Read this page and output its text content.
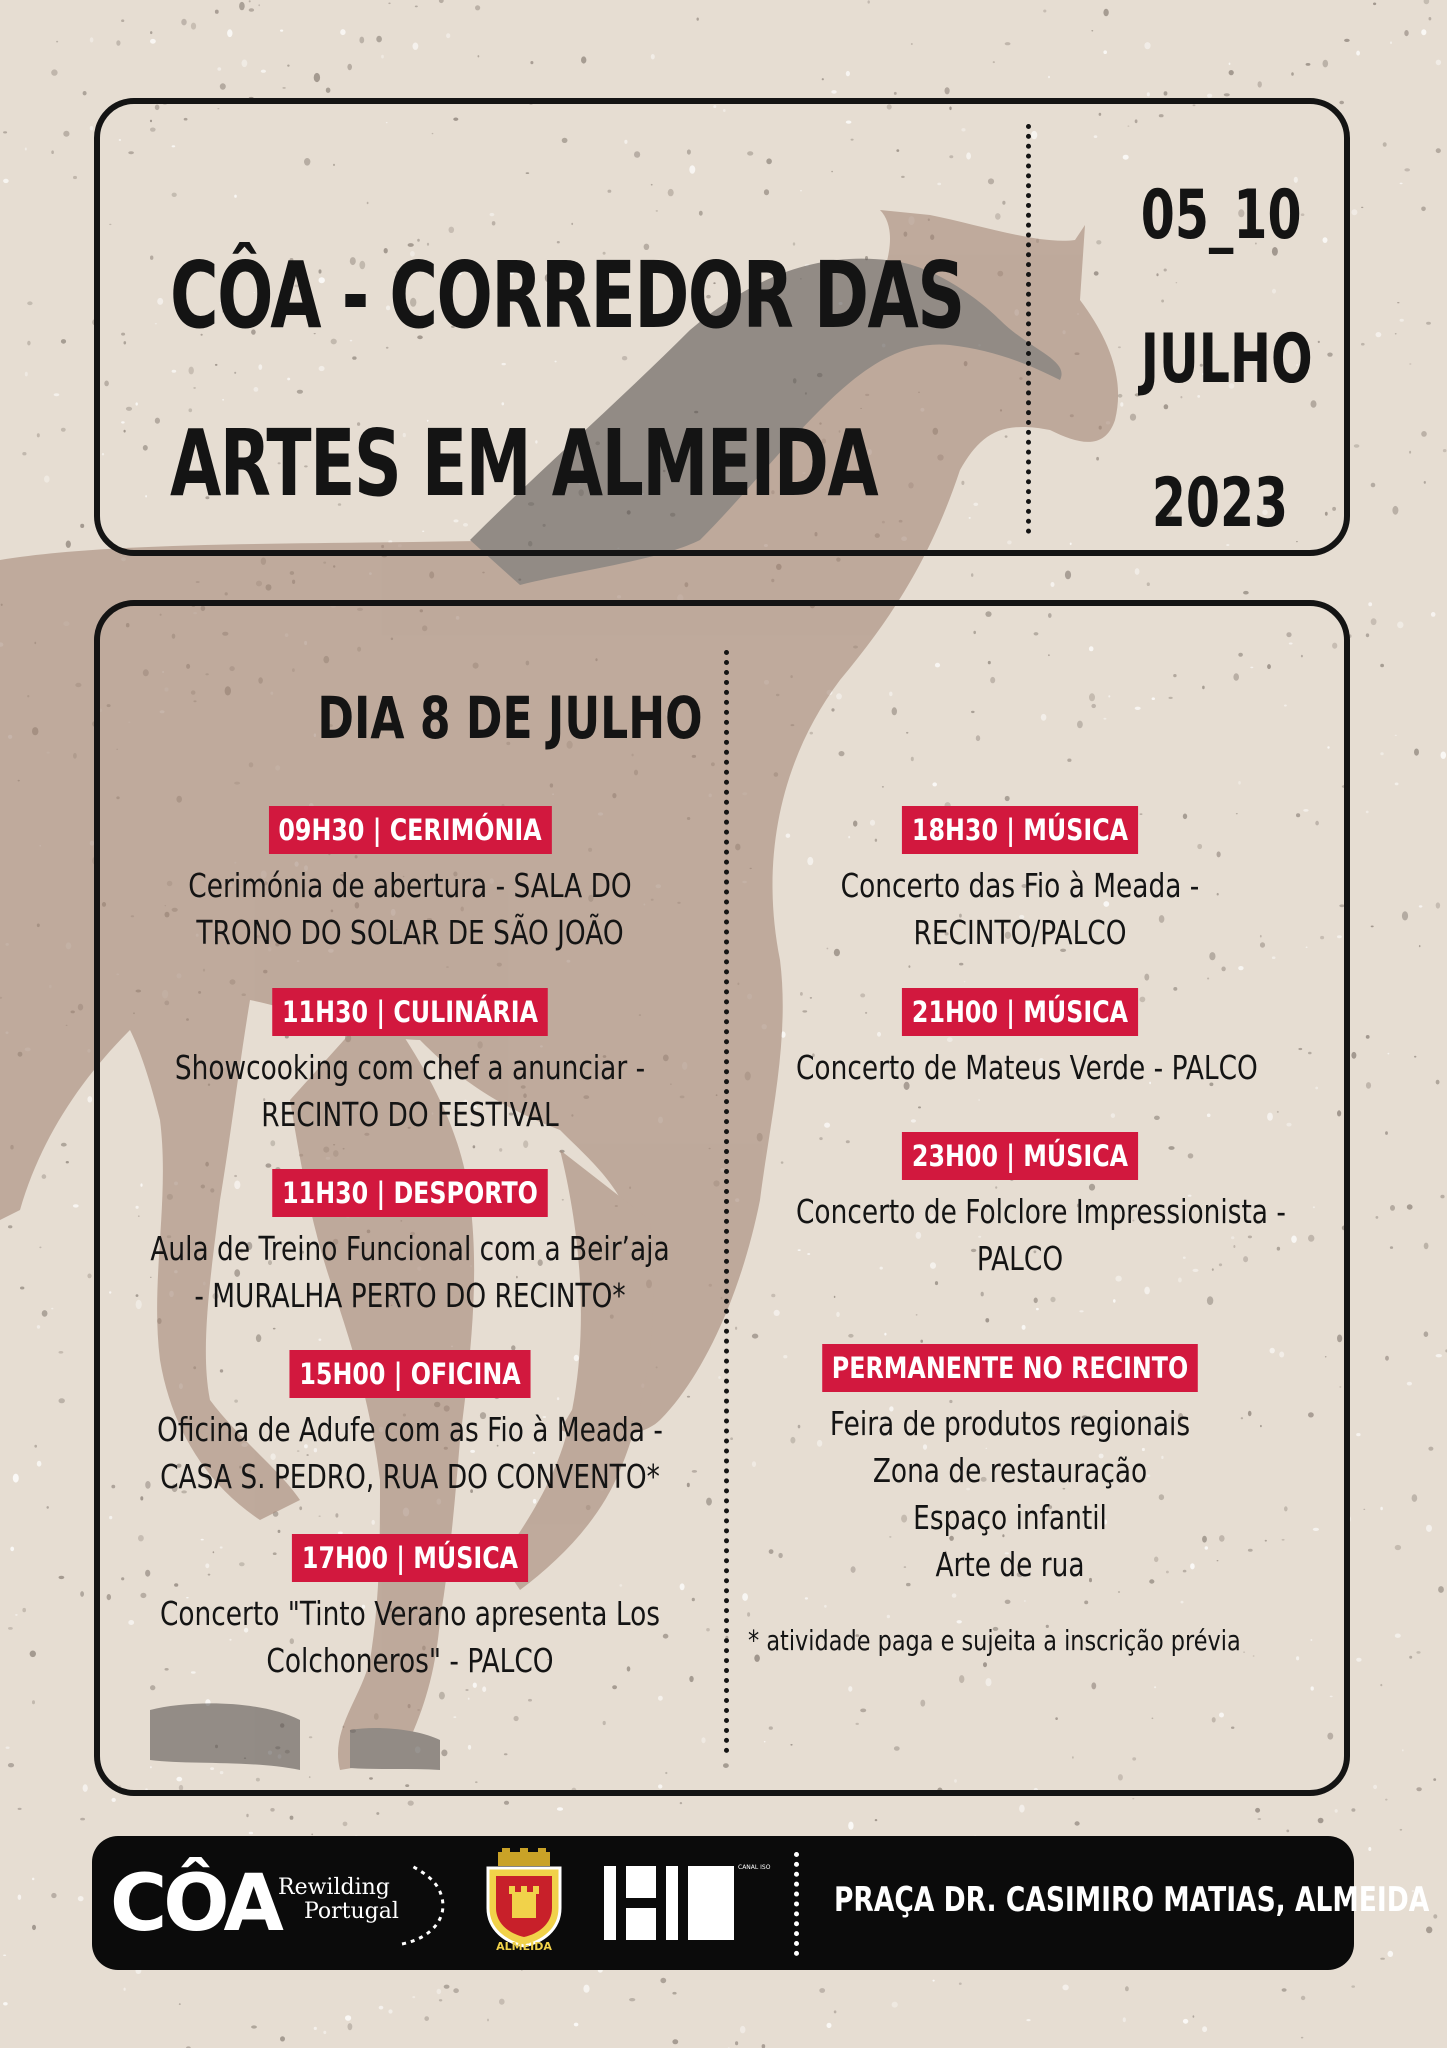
CÔA - CORREDOR DAS
ARTES EM ALMEIDA
05_10
JULHO
2023
DIA 8 DE JULHO
09H30 | CERIMÓNIA
Cerimónia de abertura - SALA DO
TRONO DO SOLAR DE SÃO JOÃO
11H30 | CULINÁRIA
Showcooking com chef a anunciar -
RECINTO DO FESTIVAL
11H30 | DESPORTO
Aula de Treino Funcional com a Beir’aja
- MURALHA PERTO DO RECINTO*
15H00 | OFICINA
Oficina de Adufe com as Fio à Meada -
CASA S. PEDRO, RUA DO CONVENTO*
17H00 | MÚSICA
Concerto "Tinto Verano apresenta Los
Colchoneros" - PALCO
18H30 | MÚSICA
Concerto das Fio à Meada -
RECINTO/PALCO
21H00 | MÚSICA
Concerto de Mateus Verde - PALCO
23H00 | MÚSICA
Concerto de Folclore Impressionista -
PALCO
PERMANENTE NO RECINTO
Feira de produtos regionais
Zona de restauração
Espaço infantil
Arte de rua
* atividade paga e sujeita a inscrição prévia
CÔA
Rewilding
Portugal
ALMEIDA
CANAL ISO
PRAÇA DR. CASIMIRO MATIAS, ALMEIDA
